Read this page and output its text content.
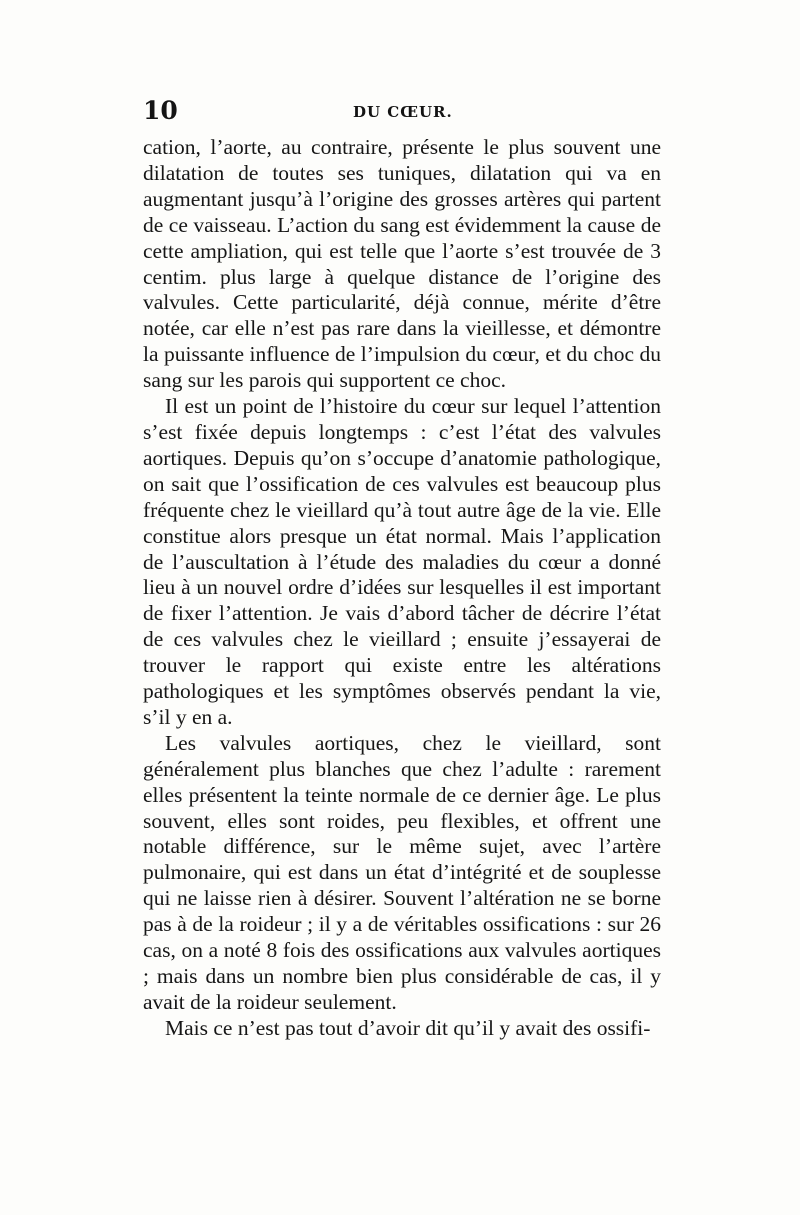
10	DU CŒUR.

cation, l’aorte, au contraire, présente le plus souvent une dilatation de toutes ses tuniques, dilatation qui va en augmentant jusqu’à l’origine des grosses artères qui partent de ce vaisseau. L’action du sang est évidemment la cause de cette ampliation, qui est telle que l’aorte s’est trouvée de 3 centim. plus large à quelque distance de l’origine des valvules. Cette particularité, déjà connue, mérite d’être notée, car elle n’est pas rare dans la vieillesse, et démontre la puissante influence de l’impulsion du cœur, et du choc du sang sur les parois qui supportent ce choc.

Il est un point de l’histoire du cœur sur lequel l’attention s’est fixée depuis longtemps : c’est l’état des valvules aortiques. Depuis qu’on s’occupe d’anatomie pathologique, on sait que l’ossification de ces valvules est beaucoup plus fréquente chez le vieillard qu’à tout autre âge de la vie. Elle constitue alors presque un état normal. Mais l’application de l’auscultation à l’étude des maladies du cœur a donné lieu à un nouvel ordre d’idées sur lesquelles il est important de fixer l’attention. Je vais d’abord tâcher de décrire l’état de ces valvules chez le vieillard ; ensuite j’essayerai de trouver le rapport qui existe entre les altérations pathologiques et les symptômes observés pendant la vie, s’il y en a.

Les valvules aortiques, chez le vieillard, sont généralement plus blanches que chez l’adulte : rarement elles présentent la teinte normale de ce dernier âge. Le plus souvent, elles sont roides, peu flexibles, et offrent une notable différence, sur le même sujet, avec l’artère pulmonaire, qui est dans un état d’intégrité et de souplesse qui ne laisse rien à désirer. Souvent l’altération ne se borne pas à de la roideur ; il y a de véritables ossifications : sur 26 cas, on a noté 8 fois des ossifications aux valvules aortiques ; mais dans un nombre bien plus considérable de cas, il y avait de la roideur seulement.

Mais ce n’est pas tout d’avoir dit qu’il y avait des ossifi-
